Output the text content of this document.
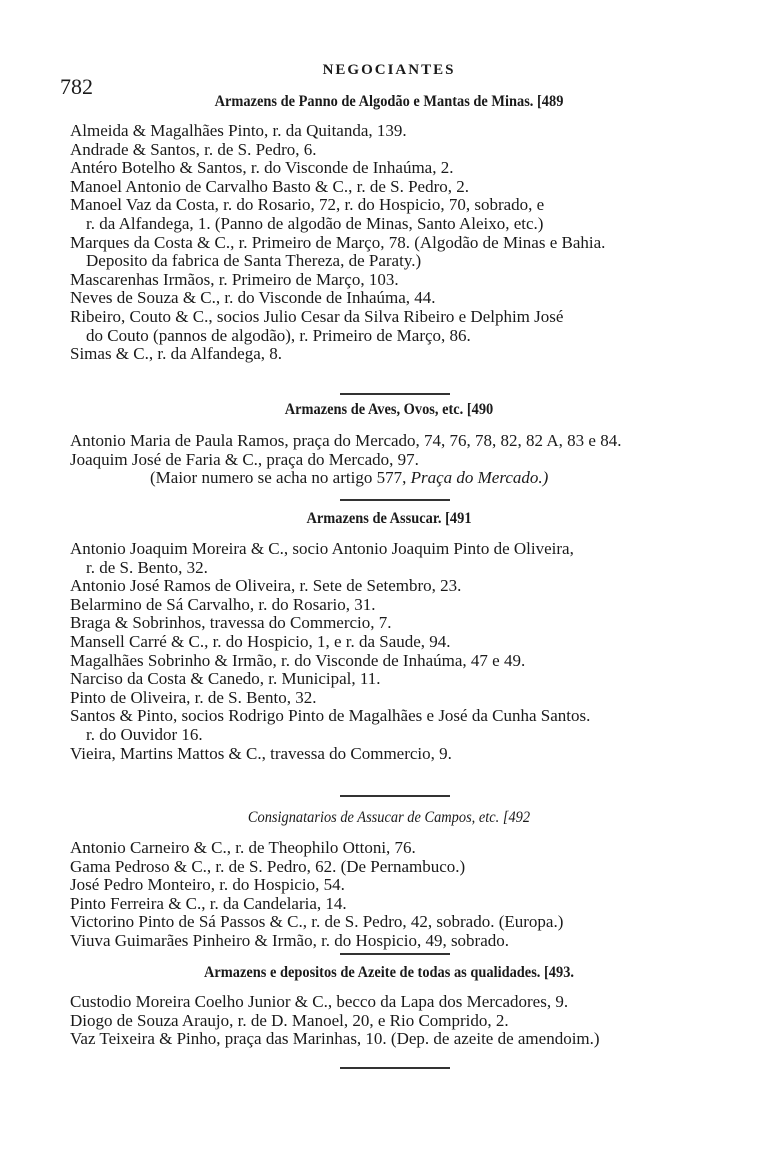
782
NEGOCIANTES
Armazens de Panno de Algodão e Mantas de Minas. [489
Almeida & Magalhães Pinto, r. da Quitanda, 139.
Andrade & Santos, r. de S. Pedro, 6.
Antéro Botelho & Santos, r. do Visconde de Inhaúma, 2.
Manoel Antonio de Carvalho Basto & C., r. de S. Pedro, 2.
Manoel Vaz da Costa, r. do Rosario, 72, r. do Hospicio, 70, sobrado, e
r. da Alfandega, 1. (Panno de algodão de Minas, Santo Aleixo, etc.)
Marques da Costa & C., r. Primeiro de Março, 78. (Algodão de Minas e Bahia.
Deposito da fabrica de Santa Thereza, de Paraty.)
Mascarenhas Irmãos, r. Primeiro de Março, 103.
Neves de Souza & C., r. do Visconde de Inhaúma, 44.
Ribeiro, Couto & C., socios Julio Cesar da Silva Ribeiro e Delphim José
do Couto (pannos de algodão), r. Primeiro de Março, 86.
Simas & C., r. da Alfandega, 8.
Armazens de Aves, Ovos, etc. [490
Antonio Maria de Paula Ramos, praça do Mercado, 74, 76, 78, 82, 82 A, 83 e 84.
Joaquim José de Faria & C., praça do Mercado, 97.
(Maior numero se acha no artigo 577, Praça do Mercado.)
Armazens de Assucar. [491
Antonio Joaquim Moreira & C., socio Antonio Joaquim Pinto de Oliveira,
r. de S. Bento, 32.
Antonio José Ramos de Oliveira, r. Sete de Setembro, 23.
Belarmino de Sá Carvalho, r. do Rosario, 31.
Braga & Sobrinhos, travessa do Commercio, 7.
Mansell Carré & C., r. do Hospicio, 1, e r. da Saude, 94.
Magalhães Sobrinho & Irmão, r. do Visconde de Inhaúma, 47 e 49.
Narciso da Costa & Canedo, r. Municipal, 11.
Pinto de Oliveira, r. de S. Bento, 32.
Santos & Pinto, socios Rodrigo Pinto de Magalhães e José da Cunha Santos.
r. do Ouvidor 16.
Vieira, Martins Mattos & C., travessa do Commercio, 9.
Consignatarios de Assucar de Campos, etc. [492
Antonio Carneiro & C., r. de Theophilo Ottoni, 76.
Gama Pedroso & C., r. de S. Pedro, 62. (De Pernambuco.)
José Pedro Monteiro, r. do Hospicio, 54.
Pinto Ferreira & C., r. da Candelaria, 14.
Victorino Pinto de Sá Passos & C., r. de S. Pedro, 42, sobrado. (Europa.)
Viuva Guimarães Pinheiro & Irmão, r. do Hospicio, 49, sobrado.
Armazens e depositos de Azeite de todas as qualidades. [493.
Custodio Moreira Coelho Junior & C., becco da Lapa dos Mercadores, 9.
Diogo de Souza Araujo, r. de D. Manoel, 20, e Rio Comprido, 2.
Vaz Teixeira & Pinho, praça das Marinhas, 10. (Dep. de azeite de amendoim.)
